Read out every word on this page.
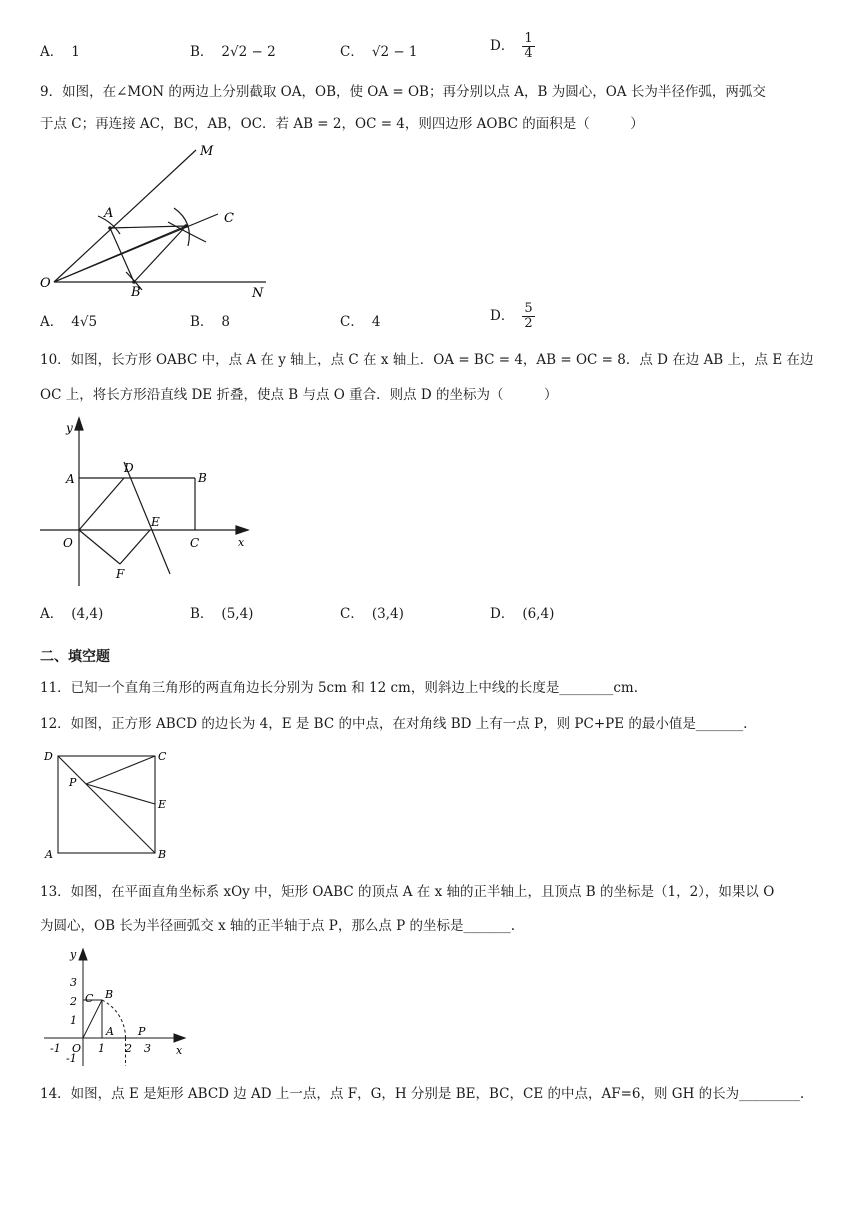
A． 1	B． 2√2 − 2	C． √2 − 1	D． $\frac{1}{4}$
9．如图，在∠MON 的两边上分别截取 OA，OB，使 OA = OB；再分别以点 A，B 为圆心，OA 长为半径作弧，两弧交
于点 C；再连接 AC，BC，AB，OC．若 AB = 2，OC = 4，则四边形 AOBC 的面积是（　　　）
M
A	C
O
B	N
A． 4√5	B． 8	C． 4	D． $\frac{5}{2}$
10．如图，长方形 OABC 中，点 A 在 y 轴上，点 C 在 x 轴上．OA = BC = 4，AB = OC = 8．点 D 在边 AB 上，点 E 在边
OC 上，将长方形沿直线 DE 折叠，使点 B 与点 O 重合．则点 D 的坐标为（　　　）
y
A
D
B
O
E
C	x
F
A． (4,4)	B． (5,4)	C． (3,4)	D． (6,4)
二、填空题
11．已知一个直角三角形的两直角边长分别为 5cm 和 12 cm，则斜边上中线的长度是________cm.
12．如图，正方形 ABCD 的边长为 4，E 是 BC 的中点，在对角线 BD 上有一点 P，则 PC+PE 的最小值是_______.
D	C
P
E
A	B
13．如图，在平面直角坐标系 xOy 中，矩形 OABC 的顶点 A 在 x 轴的正半轴上，且顶点 B 的坐标是（1，2），如果以 O
为圆心，OB 长为半径画弧交 x 轴的正半轴于点 P，那么点 P 的坐标是_______.
y
x
3
2
1
-1
C B
A P
-1 O 1 2 3
14．如图，点 E 是矩形 ABCD 边 AD 上一点，点 F，G，H 分别是 BE，BC，CE 的中点，AF=6，则 GH 的长为_________.
